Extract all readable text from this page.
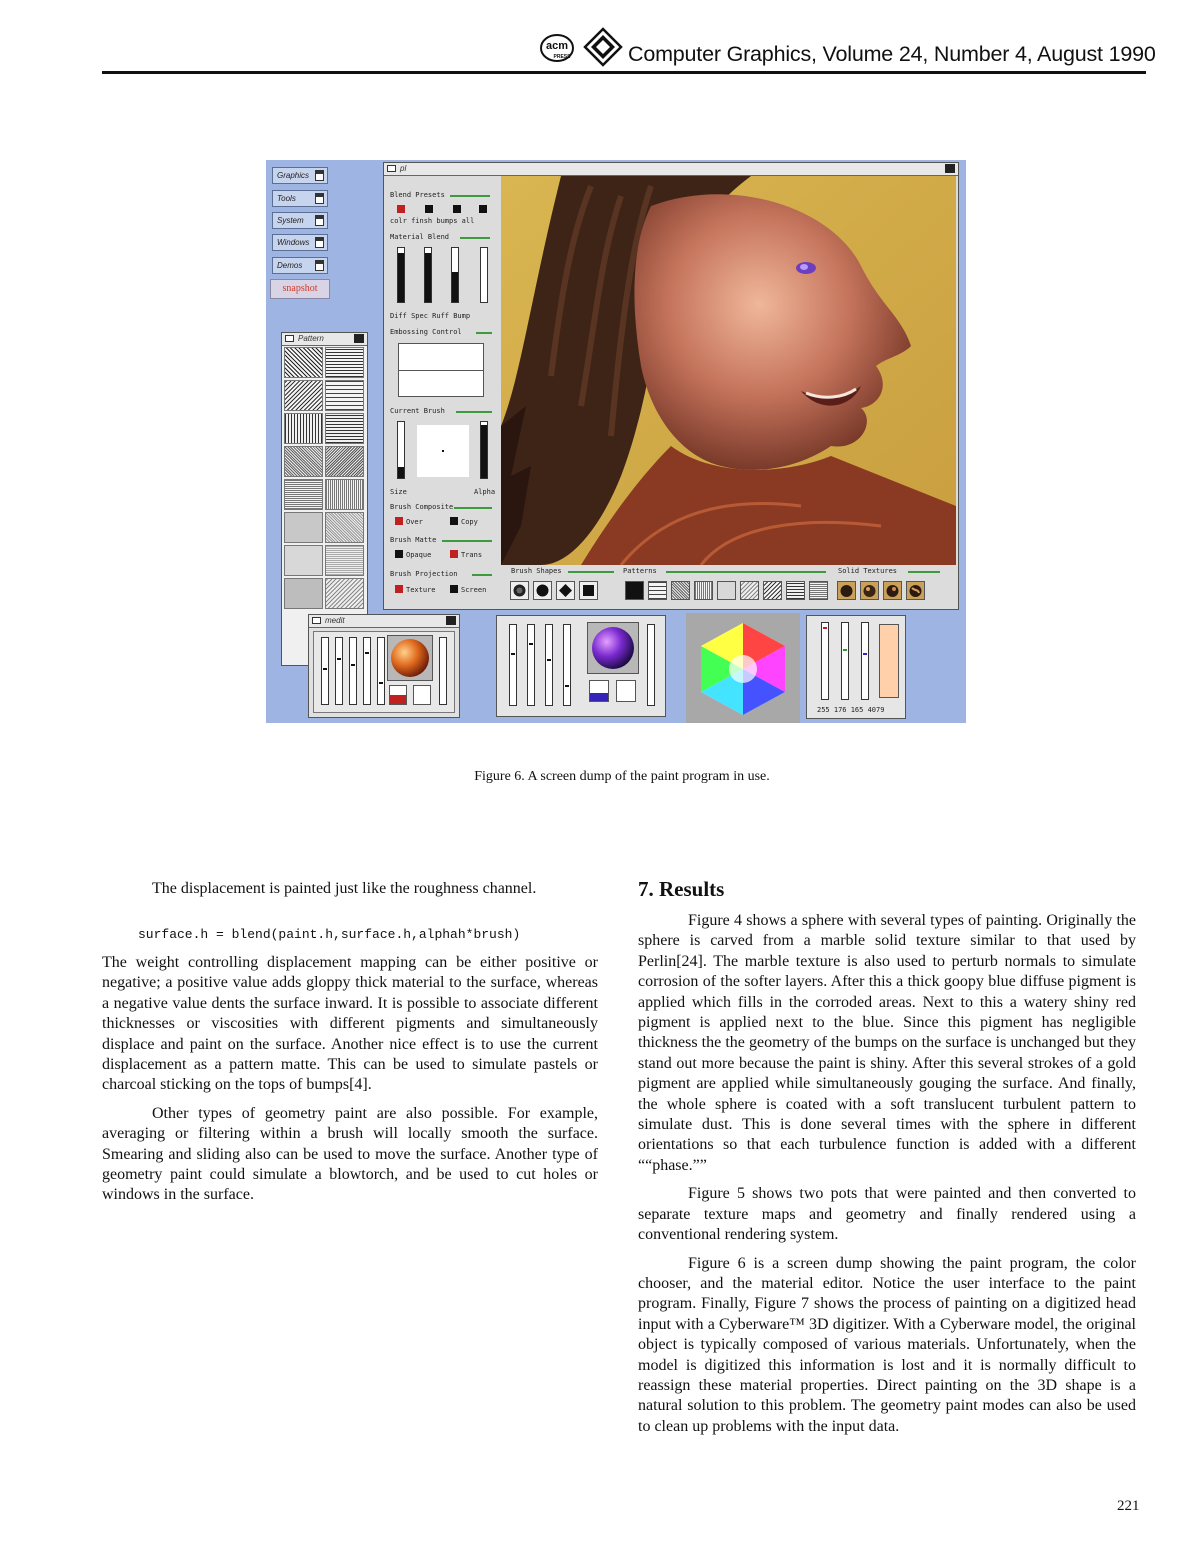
acm
PRESS	Computer Graphics, Volume 24, Number 4, August 1990
Graphics
Tools
System
Windows
Demos
snapshot
Pattern
pl
Blend Presets
colr finsh bumps all
Material Blend
Diff Spec Ruff Bump
Embossing Control
Current Brush
Size	Alpha
Brush Composite
Over	Copy
Brush Matte
Opaque	Trans
Brush Projection
Texture	Screen
Brush Shapes	Patterns	Solid Textures
medit
255 176 165 4079
Figure 6. A screen dump of the paint program in use.

The displacement is painted just like the roughness channel.

surface.h = blend(paint.h,surface.h,alphah*brush)

The weight controlling displacement mapping can be either positive or negative; a positive value adds gloppy thick material to the surface, whereas a negative value dents the surface inward. It is possible to associate different thicknesses or viscosities with different pigments and simultaneously displace and paint on the surface. Another nice effect is to use the current displacement as a pattern matte. This can be used to simulate pastels or charcoal sticking on the tops of bumps[4].

Other types of geometry paint are also possible. For example, averaging or filtering within a brush will locally smooth the surface. Smearing and sliding also can be used to move the surface. Another type of geometry paint could simulate a blowtorch, and be used to cut holes or windows in the surface.

7. Results

Figure 4 shows a sphere with several types of painting. Originally the sphere is carved from a marble solid texture similar to that used by Perlin[24]. The marble texture is also used to perturb normals to simulate corrosion of the softer layers. After this a thick goopy blue diffuse pigment is applied which fills in the corroded areas. Next to this a watery shiny red pigment is applied next to the blue. Since this pigment has negligible thickness the the geometry of the bumps on the surface is unchanged but they stand out more because the paint is shiny. After this several strokes of a gold pigment are applied while simultaneously gouging the surface. And finally, the whole sphere is coated with a soft translucent turbulent pattern to simulate dust. This is done several times with the sphere in different orientations so that each turbulence function is added with a different ““phase.””

Figure 5 shows two pots that were painted and then converted to separate texture maps and geometry and finally rendered using a conventional rendering system.

Figure 6 is a screen dump showing the paint program, the color chooser, and the material editor. Notice the user interface to the paint program. Finally, Figure 7 shows the process of painting on a digitized head input with a Cyberware™ 3D digitizer. With a Cyberware model, the original object is typically composed of various materials. Unfortunately, when the model is digitized this information is lost and it is normally difficult to reassign these material properties. Direct painting on the 3D shape is a natural solution to this problem. The geometry paint modes can also be used to clean up problems with the input data.

221
